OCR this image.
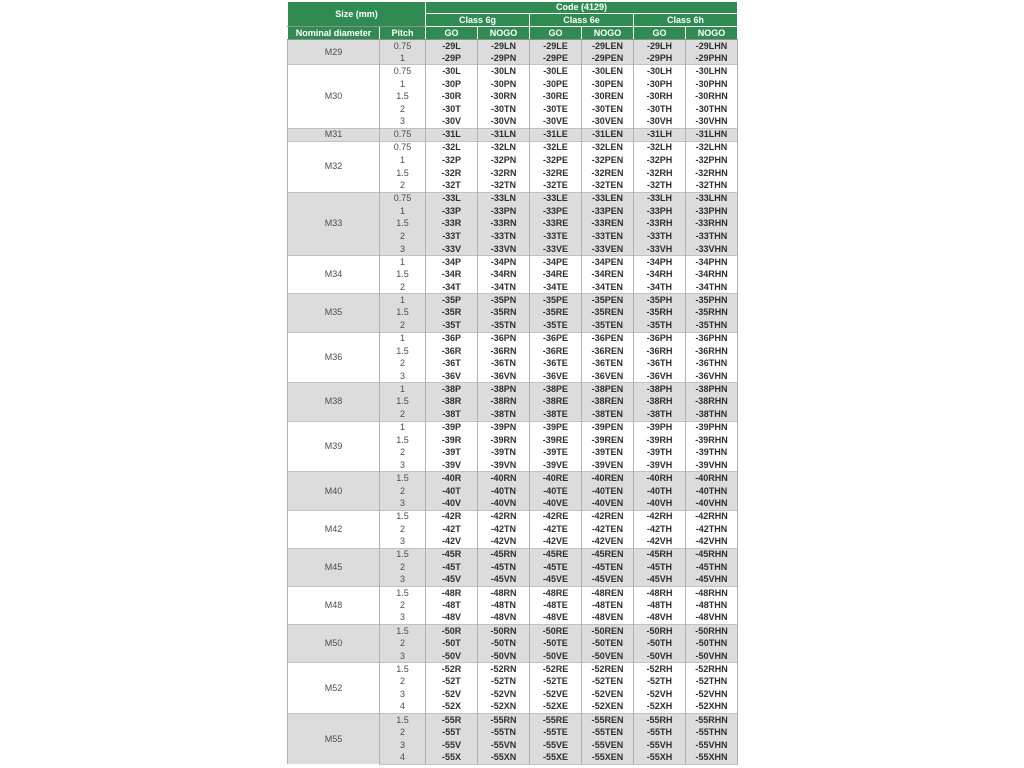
Size (mm)		Code (4129)					
		Class 6g		Class 6e		Class 6h	
Nominal diameter	Pitch	GO	NOGO	GO	NOGO	GO	NOGO
M29	0.75	-29L	-29LN	-29LE	-29LEN	-29LH	-29LHN
	1	-29P	-29PN	-29PE	-29PEN	-29PH	-29PHN
M30	0.75	-30L	-30LN	-30LE	-30LEN	-30LH	-30LHN
	1	-30P	-30PN	-30PE	-30PEN	-30PH	-30PHN
	1.5	-30R	-30RN	-30RE	-30REN	-30RH	-30RHN
	2	-30T	-30TN	-30TE	-30TEN	-30TH	-30THN
	3	-30V	-30VN	-30VE	-30VEN	-30VH	-30VHN
M31	0.75	-31L	-31LN	-31LE	-31LEN	-31LH	-31LHN
M32	0.75	-32L	-32LN	-32LE	-32LEN	-32LH	-32LHN
	1	-32P	-32PN	-32PE	-32PEN	-32PH	-32PHN
	1.5	-32R	-32RN	-32RE	-32REN	-32RH	-32RHN
	2	-32T	-32TN	-32TE	-32TEN	-32TH	-32THN
M33	0.75	-33L	-33LN	-33LE	-33LEN	-33LH	-33LHN
	1	-33P	-33PN	-33PE	-33PEN	-33PH	-33PHN
	1.5	-33R	-33RN	-33RE	-33REN	-33RH	-33RHN
	2	-33T	-33TN	-33TE	-33TEN	-33TH	-33THN
	3	-33V	-33VN	-33VE	-33VEN	-33VH	-33VHN
M34	1	-34P	-34PN	-34PE	-34PEN	-34PH	-34PHN
	1.5	-34R	-34RN	-34RE	-34REN	-34RH	-34RHN
	2	-34T	-34TN	-34TE	-34TEN	-34TH	-34THN
M35	1	-35P	-35PN	-35PE	-35PEN	-35PH	-35PHN
	1.5	-35R	-35RN	-35RE	-35REN	-35RH	-35RHN
	2	-35T	-35TN	-35TE	-35TEN	-35TH	-35THN
M36	1	-36P	-36PN	-36PE	-36PEN	-36PH	-36PHN
	1.5	-36R	-36RN	-36RE	-36REN	-36RH	-36RHN
	2	-36T	-36TN	-36TE	-36TEN	-36TH	-36THN
	3	-36V	-36VN	-36VE	-36VEN	-36VH	-36VHN
M38	1	-38P	-38PN	-38PE	-38PEN	-38PH	-38PHN
	1.5	-38R	-38RN	-38RE	-38REN	-38RH	-38RHN
	2	-38T	-38TN	-38TE	-38TEN	-38TH	-38THN
M39	1	-39P	-39PN	-39PE	-39PEN	-39PH	-39PHN
	1.5	-39R	-39RN	-39RE	-39REN	-39RH	-39RHN
	2	-39T	-39TN	-39TE	-39TEN	-39TH	-39THN
	3	-39V	-39VN	-39VE	-39VEN	-39VH	-39VHN
M40	1.5	-40R	-40RN	-40RE	-40REN	-40RH	-40RHN
	2	-40T	-40TN	-40TE	-40TEN	-40TH	-40THN
	3	-40V	-40VN	-40VE	-40VEN	-40VH	-40VHN
M42	1.5	-42R	-42RN	-42RE	-42REN	-42RH	-42RHN
	2	-42T	-42TN	-42TE	-42TEN	-42TH	-42THN
	3	-42V	-42VN	-42VE	-42VEN	-42VH	-42VHN
M45	1.5	-45R	-45RN	-45RE	-45REN	-45RH	-45RHN
	2	-45T	-45TN	-45TE	-45TEN	-45TH	-45THN
	3	-45V	-45VN	-45VE	-45VEN	-45VH	-45VHN
M48	1.5	-48R	-48RN	-48RE	-48REN	-48RH	-48RHN
	2	-48T	-48TN	-48TE	-48TEN	-48TH	-48THN
	3	-48V	-48VN	-48VE	-48VEN	-48VH	-48VHN
M50	1.5	-50R	-50RN	-50RE	-50REN	-50RH	-50RHN
	2	-50T	-50TN	-50TE	-50TEN	-50TH	-50THN
	3	-50V	-50VN	-50VE	-50VEN	-50VH	-50VHN
M52	1.5	-52R	-52RN	-52RE	-52REN	-52RH	-52RHN
	2	-52T	-52TN	-52TE	-52TEN	-52TH	-52THN
	3	-52V	-52VN	-52VE	-52VEN	-52VH	-52VHN
	4	-52X	-52XN	-52XE	-52XEN	-52XH	-52XHN
M55	1.5	-55R	-55RN	-55RE	-55REN	-55RH	-55RHN
	2	-55T	-55TN	-55TE	-55TEN	-55TH	-55THN
	3	-55V	-55VN	-55VE	-55VEN	-55VH	-55VHN
	4	-55X	-55XN	-55XE	-55XEN	-55XH	-55XHN
